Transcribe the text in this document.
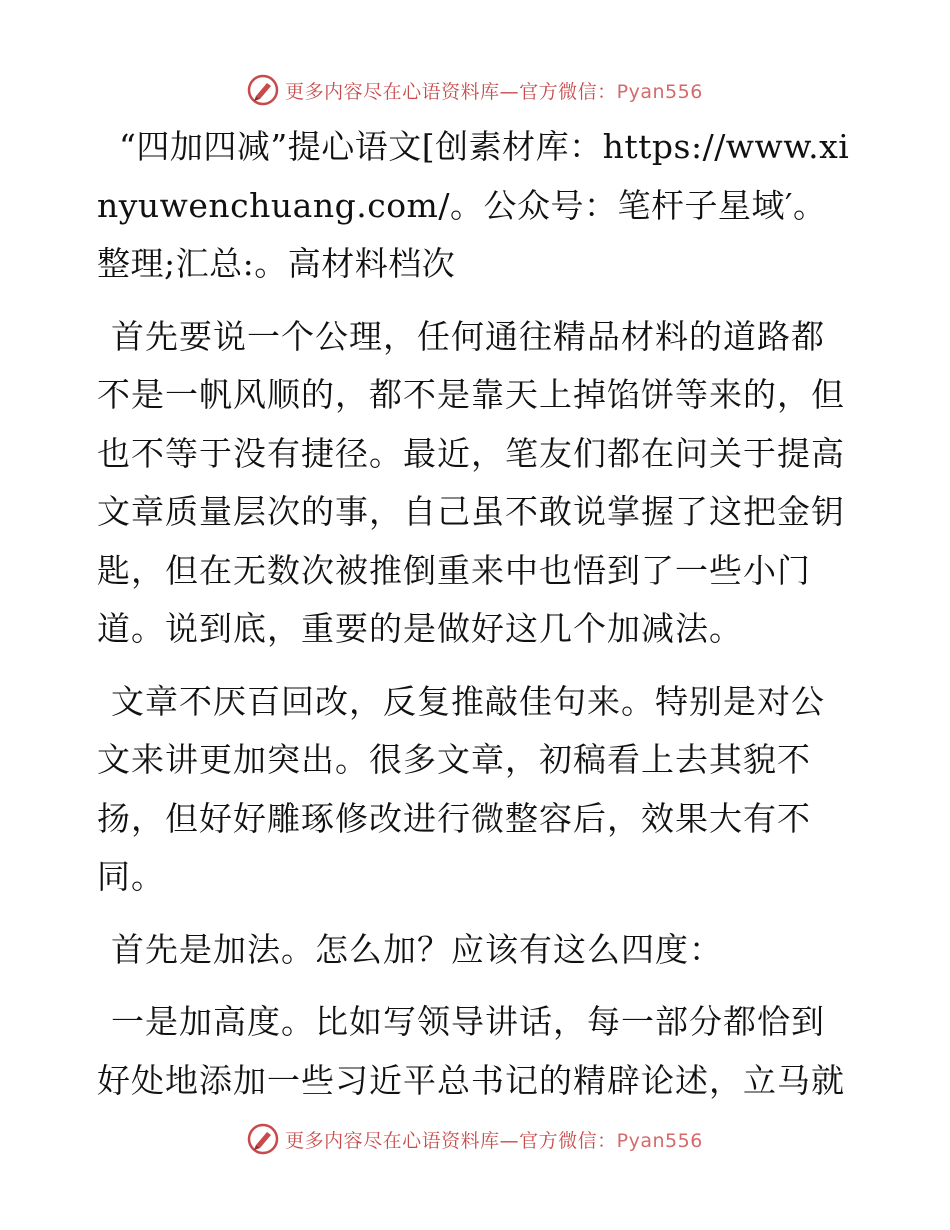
更多内容尽在心语资料库—官方微信：Pyan556

“四加四减”提心语文[创素材库：https://www.xinyuwenchuang.com/。公众号：笔杆子星域′。整理;汇总:。高材料档次

首先要说一个公理，任何通往精品材料的道路都不是一帆风顺的，都不是靠天上掉馅饼等来的，但也不等于没有捷径。最近，笔友们都在问关于提高文章质量层次的事，自己虽不敢说掌握了这把金钥匙，但在无数次被推倒重来中也悟到了一些小门道。说到底，重要的是做好这几个加减法。

文章不厌百回改，反复推敲佳句来。特别是对公文来讲更加突出。很多文章，初稿看上去其貌不扬，但好好雕琢修改进行微整容后，效果大有不同。

首先是加法。怎么加？应该有这么四度：

一是加高度。比如写领导讲话，每一部分都恰到好处地添加一些习近平总书记的精辟论述，立马就

更多内容尽在心语资料库—官方微信：Pyan556
